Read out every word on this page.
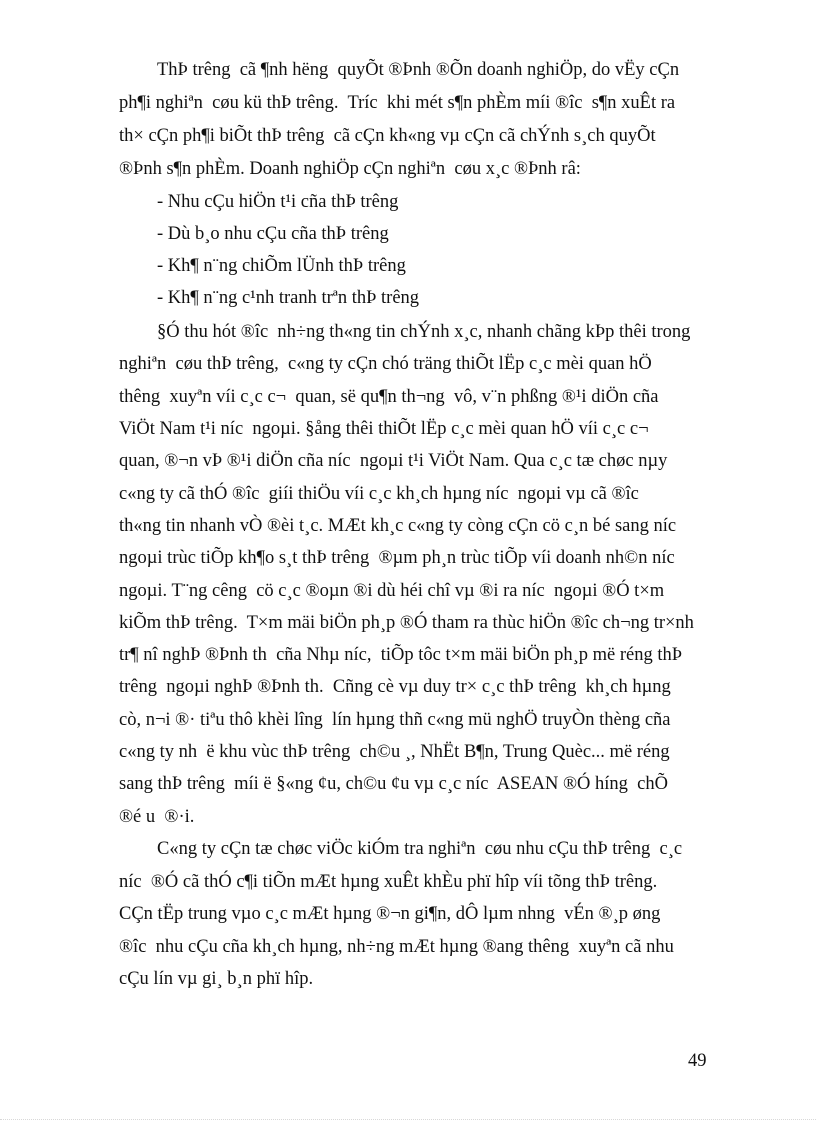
ThÞ trêng  cã ¶nh hëng  quyÕt ®Þnh ®Õn doanh nghiÖp, do vËy cÇn
ph¶i nghiªn  cøu kü thÞ trêng.  Tríc  khi mét s¶n phÈm míi ®îc  s¶n xuÊt ra
th× cÇn ph¶i biÕt thÞ trêng  cã cÇn kh«ng vµ cÇn cã chÝnh s¸ch quyÕt
®Þnh s¶n phÈm. Doanh nghiÖp cÇn nghiªn  cøu x¸c ®Þnh râ:
- Nhu cÇu hiÖn t¹i cña thÞ trêng
- Dù b¸o nhu cÇu cña thÞ trêng
- Kh¶ n¨ng chiÕm lÜnh thÞ trêng
- Kh¶ n¨ng c¹nh tranh trªn thÞ trêng
§Ó thu hót ®îc  nh÷ng th«ng tin chÝnh x¸c, nhanh chãng kÞp thêi trong
nghiªn  cøu thÞ trêng,  c«ng ty cÇn chó träng thiÕt lËp c¸c mèi quan hÖ
thêng  xuyªn víi c¸c c¬  quan, së qu¶n th¬ng  vô, v¨n phßng ®¹i diÖn cña
ViÖt Nam t¹i níc  ngoµi. §ång thêi thiÕt lËp c¸c mèi quan hÖ víi c¸c c¬
quan, ®¬n vÞ ®¹i diÖn cña níc  ngoµi t¹i ViÖt Nam. Qua c¸c tæ chøc nµy
c«ng ty cã thÓ ®îc  giíi thiÖu víi c¸c kh¸ch hµng níc  ngoµi vµ cã ®îc
th«ng tin nhanh vÒ ®èi t¸c. MÆt kh¸c c«ng ty còng cÇn cö c¸n bé sang níc
ngoµi trùc tiÕp kh¶o s¸t thÞ trêng  ®µm ph¸n trùc tiÕp víi doanh nh©n níc
ngoµi. T¨ng cêng  cö c¸c ®oµn ®i dù héi chî vµ ®i ra níc  ngoµi ®Ó t×m
kiÕm thÞ trêng.  T×m mäi biÖn ph¸p ®Ó tham ra thùc hiÖn ®îc ch¬ng tr×nh
tr¶ nî nghÞ ®Þnh th  cña Nhµ níc,  tiÕp tôc t×m mäi biÖn ph¸p më réng thÞ
trêng  ngoµi nghÞ ®Þnh th.  Cñng cè vµ duy tr× c¸c thÞ trêng  kh¸ch hµng
cò, n¬i ®· tiªu thô khèi lîng  lín hµng thñ c«ng mü nghÖ truyÒn thèng cña
c«ng ty nh  ë khu vùc thÞ trêng  ch©u ¸, NhËt B¶n, Trung Quèc... më réng
sang thÞ trêng  míi ë §«ng ¢u, ch©u ¢u vµ c¸c níc  ASEAN ®Ó híng  chÕ
®é u  ®·i.
C«ng ty cÇn tæ chøc viÖc kiÓm tra nghiªn  cøu nhu cÇu thÞ trêng  c¸c
níc  ®Ó cã thÓ c¶i tiÕn mÆt hµng xuÊt khÈu phï hîp víi tõng thÞ trêng.
CÇn tËp trung vµo c¸c mÆt hµng ®¬n gi¶n, dÔ lµm nhng  vÉn ®¸p øng
®îc  nhu cÇu cña kh¸ch hµng, nh÷ng mÆt hµng ®ang thêng  xuyªn cã nhu
cÇu lín vµ gi¸ b¸n phï hîp.
49
